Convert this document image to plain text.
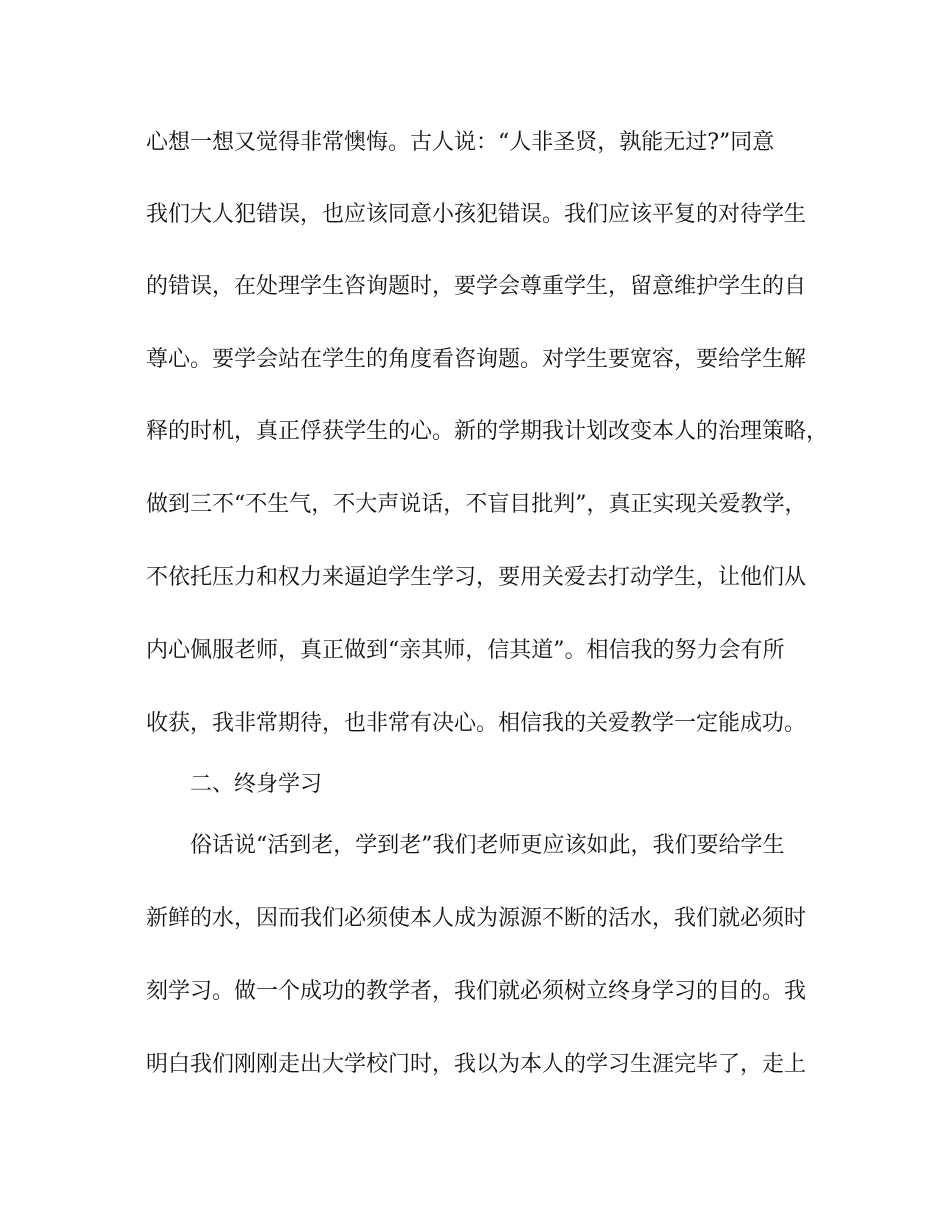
心想一想又觉得非常懊悔。古人说：“人非圣贤，孰能无过?”同意
我们大人犯错误，也应该同意小孩犯错误。我们应该平复的对待学生
的错误，在处理学生咨询题时，要学会尊重学生，留意维护学生的自
尊心。要学会站在学生的角度看咨询题。对学生要宽容，要给学生解
释的时机，真正俘获学生的心。新的学期我计划改变本人的治理策略，
做到三不“不生气，不大声说话，不盲目批判”，真正实现关爱教学，
不依托压力和权力来逼迫学生学习，要用关爱去打动学生，让他们从
内心佩服老师，真正做到“亲其师，信其道”。相信我的努力会有所
收获，我非常期待，也非常有决心。相信我的关爱教学一定能成功。
二、终身学习
俗话说“活到老，学到老”我们老师更应该如此，我们要给学生
新鲜的水，因而我们必须使本人成为源源不断的活水，我们就必须时
刻学习。做一个成功的教学者，我们就必须树立终身学习的目的。我
明白我们刚刚走出大学校门时，我以为本人的学习生涯完毕了，走上
